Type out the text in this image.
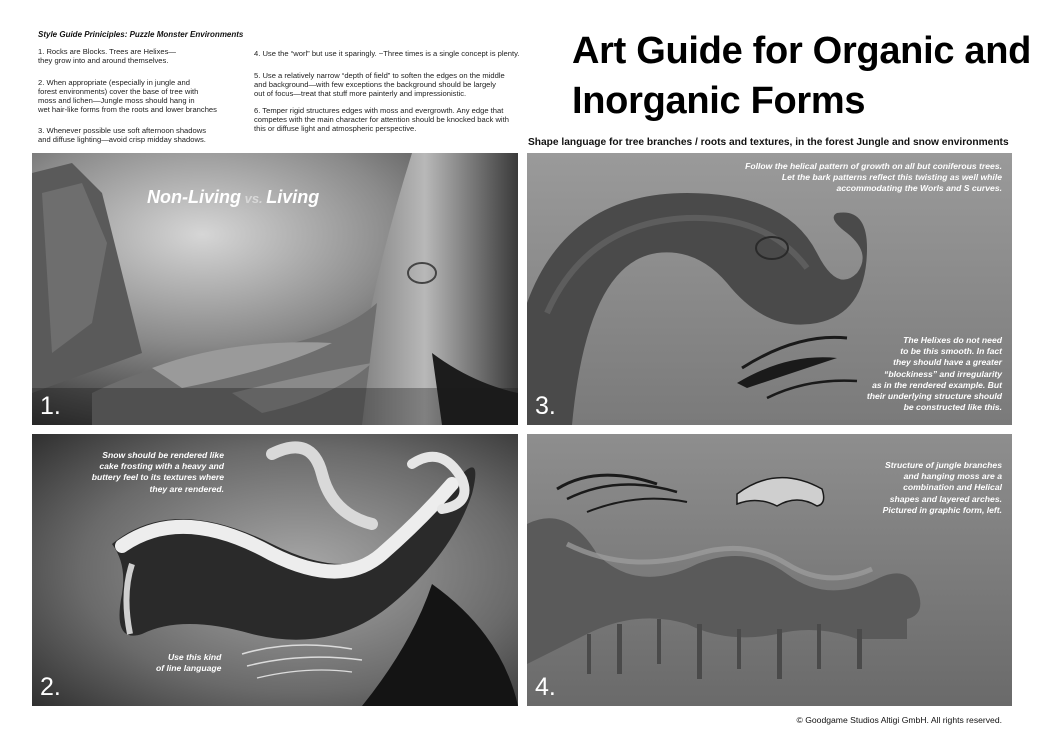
Style Guide Priniciples: Puzzle Monster Environments
1. Rocks are Blocks. Trees are Helixes—
they grow into and around themselves.
2. When appropriate (especially in jungle and
forest environments) cover the base of tree with
moss and lichen—Jungle moss should hang in
wet hair-like forms from the roots and lower branches
3. Whenever possible use soft afternoon shadows
and diffuse lighting—avoid crisp midday shadows.
4. Use the “worl” but use it sparingly. ~Three times is a single concept is plenty.
5. Use a relatively narrow “depth of field” to soften the edges on the middle
and background—with few exceptions the background should be largely
out of focus—treat that stuff more painterly and impressionistic.
6. Temper rigid structures edges with moss and evergrowth. Any edge that
competes with the main character for attention should be knocked back with
this or diffuse light and atmospheric perspective.
Art Guide for Organic and Inorganic Forms
Shape language for tree branches / roots and textures, in the forest Jungle and snow environments
Non-Living vs. Living
1.
Follow the helical pattern of growth on all but coniferous trees.
Let the bark patterns reflect this twisting as well while
accommodating the Worls and S curves.
The Helixes do not need
to be this smooth. In fact
they should have a greater
“blockiness” and irregularity
as in the rendered example. But
their underlying structure should
be constructed like this.
3.
Snow should be rendered like
cake frosting with a heavy and
buttery feel to its textures where
they are rendered.
Use this kind
of line language
2.
Structure of jungle branches
and hanging moss are a
combination and Helical
shapes and layered arches.
Pictured in graphic form, left.
4.
© Goodgame Studios Altigi GmbH. All rights reserved.
